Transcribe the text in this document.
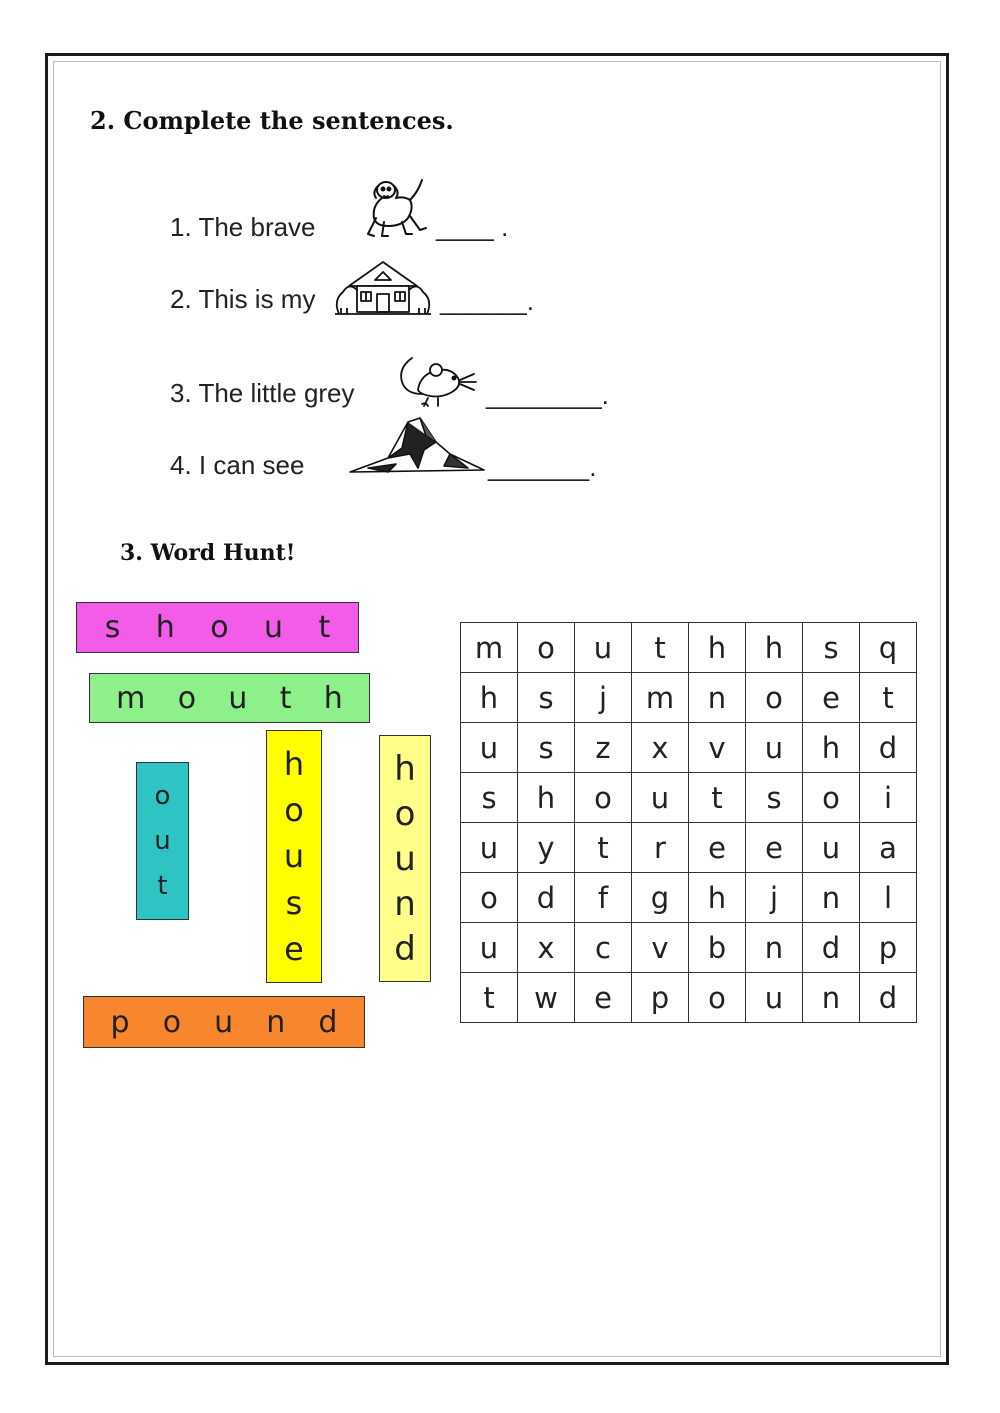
2. Complete the sentences.
1. The brave	____ .
2. This is my	______.
3. The little grey	________.
4. I can see	_______.
3. Word Hunt!
s h o u t
m o u t h
o
u
t
h
o
u
s
e
h
o
u
n
d
p o u n d
m	o	u	t	h	h	s	q
h	s	j	m	n	o	e	t
u	s	z	x	v	u	h	d
s	h	o	u	t	s	o	i
u	y	t	r	e	e	u	a
o	d	f	g	h	j	n	l
u	x	c	v	b	n	d	p
t	w	e	p	o	u	n	d
